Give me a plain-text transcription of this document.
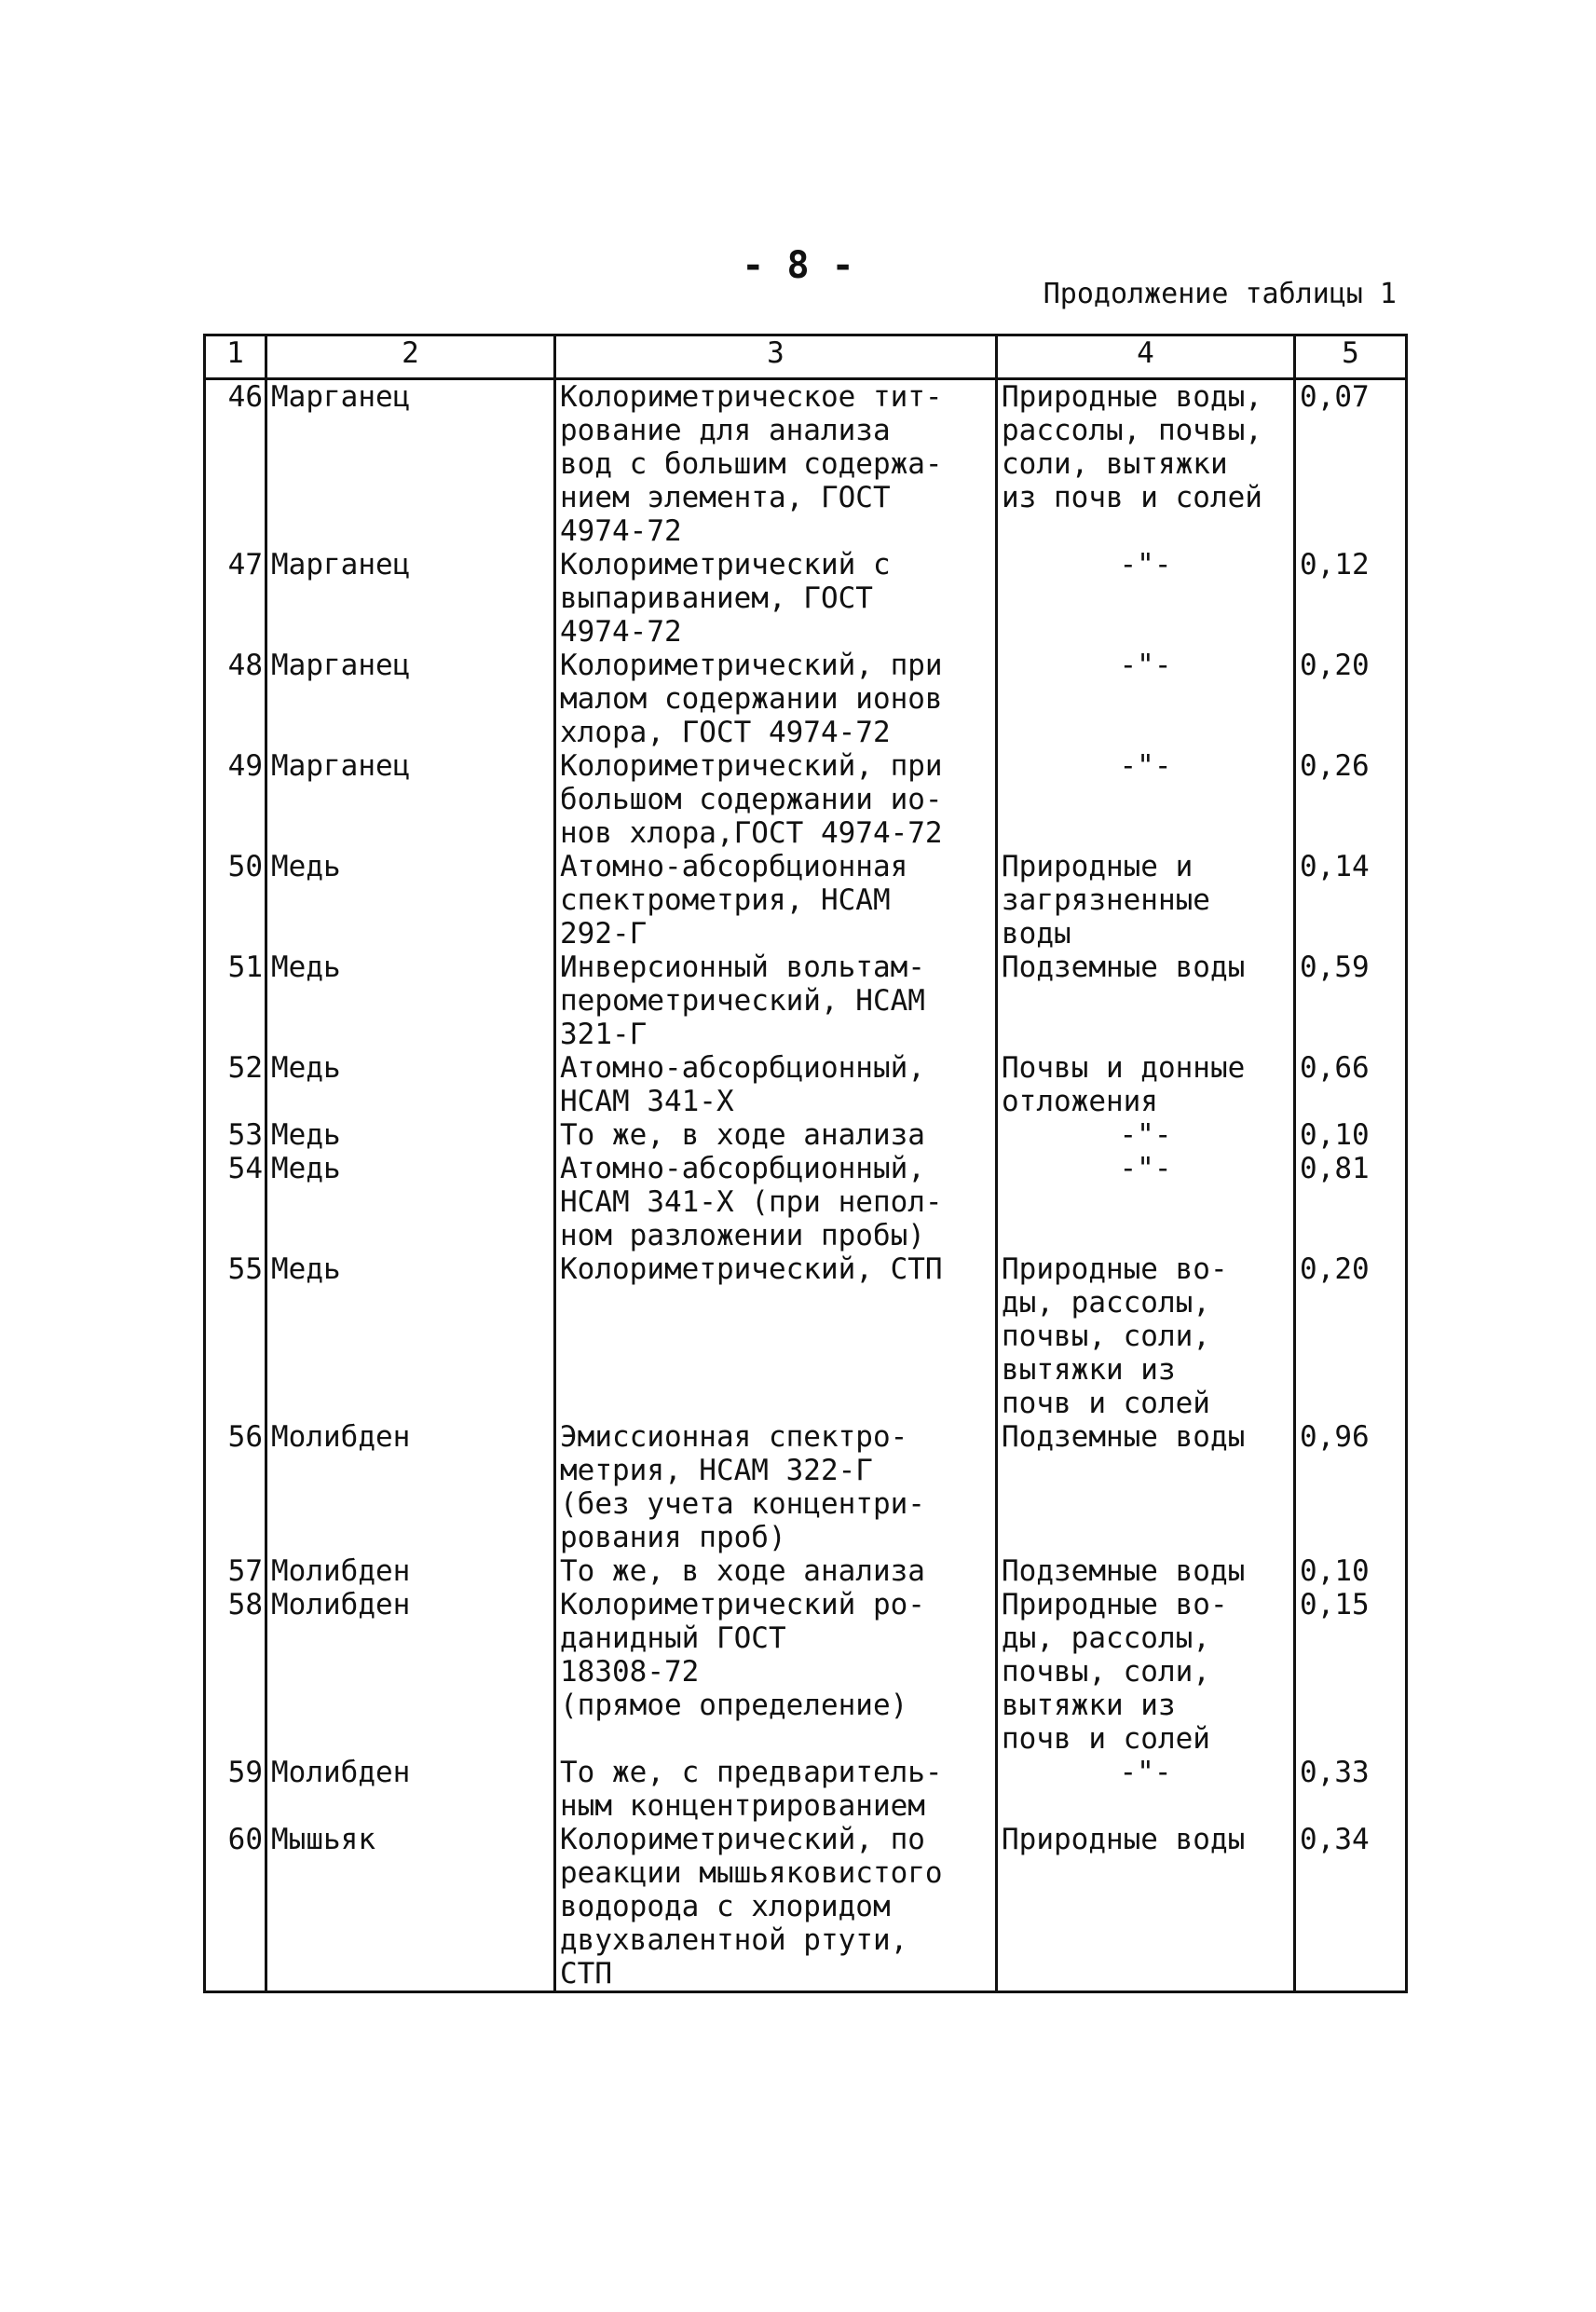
- 8 -
Продолжение таблицы 1
1	2	3	4	5
46	Марганец	Колориметрическое тит-
рование для анализа
вод с большим содержа-
нием элемента, ГОСТ
4974-72	Природные воды,
рассолы, почвы,
соли, вытяжки
из почв и солей	0,07
47	Марганец	Колориметрический с
выпариванием, ГОСТ
4974-72	-"-	0,12
48	Марганец	Колориметрический, при
малом содержании ионов
хлора, ГОСТ 4974-72	-"-	0,20
49	Марганец	Колориметрический, при
большом содержании ио-
нов хлора,ГОСТ 4974-72	-"-	0,26
50	Медь	Атомно-абсорбционная
спектрометрия, НСАМ
292-Г	Природные и
загрязненные
воды	0,14
51	Медь	Инверсионный вольтам-
перометрический, НСАМ
321-Г	Подземные воды	0,59
52	Медь	Атомно-абсорбционный,
НСАМ 341-Х	Почвы и донные
отложения	0,66
53	Медь	То же, в ходе анализа	-"-	0,10
54	Медь	Атомно-абсорбционный,
НСАМ 341-Х (при непол-
ном разложении пробы)	-"-	0,81
55	Медь	Колориметрический, СТП	Природные во-
ды, рассолы,
почвы, соли,
вытяжки из
почв и солей	0,20
56	Молибден	Эмиссионная спектро-
метрия, НСАМ 322-Г
(без учета концентри-
рования проб)	Подземные воды	0,96
57	Молибден	То же, в ходе анализа	Подземные воды	0,10
58	Молибден	Колориметрический ро-
данидный ГОСТ
18308-72
(прямое определение)	Природные во-
ды, рассолы,
почвы, соли,
вытяжки из
почв и солей	0,15
59	Молибден	То же, с предваритель-
ным концентрированием	-"-	0,33
60	Мышьяк	Колориметрический, по
реакции мышьяковистого
водорода с хлоридом
двухвалентной ртути,
СТП	Природные воды	0,34
